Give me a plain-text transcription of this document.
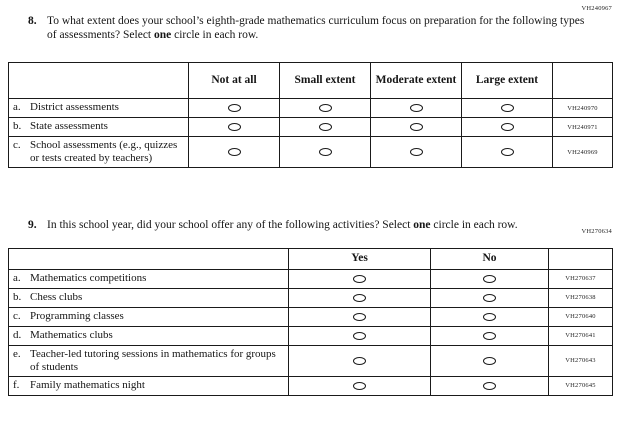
VH240967
VH270634
8. To what extent does your school’s eighth-grade mathematics curriculum focus on preparation for the following types of assessments? Select one circle in each row.
	Not at all	Small extent	Moderate extent	Large extent	

a. District assessments					VH240970

b. State assessments					VH240971

c. School assessments (e.g., quizzes or tests created by teachers)					VH240969
9. In this school year, did your school offer any of the following activities? Select one circle in each row.
	Yes	No	

a. Mathematics competitions			VH270637

b. Chess clubs			VH270638

c. Programming classes			VH270640

d. Mathematics clubs			VH270641

e. Teacher-led tutoring sessions in mathematics for groups of students			VH270643

f. Family mathematics night			VH270645
